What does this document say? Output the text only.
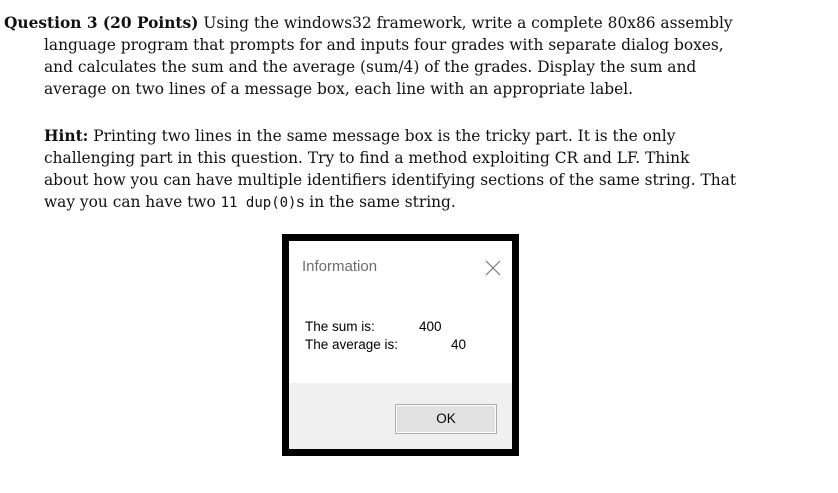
Question 3 (20 Points) Using the windows32 framework, write a complete 80x86 assembly
language program that prompts for and inputs four grades with separate dialog boxes,
and calculates the sum and the average (sum/4) of the grades. Display the sum and
average on two lines of a message box, each line with an appropriate label.
Hint: Printing two lines in the same message box is the tricky part. It is the only
challenging part in this question. Try to find a method exploiting CR and LF. Think
about how you can have multiple identifiers identifying sections of the same string. That
way you can have two 11 dup(0)s in the same string.
Information
The sum is:	400
The average is:	40
OK
